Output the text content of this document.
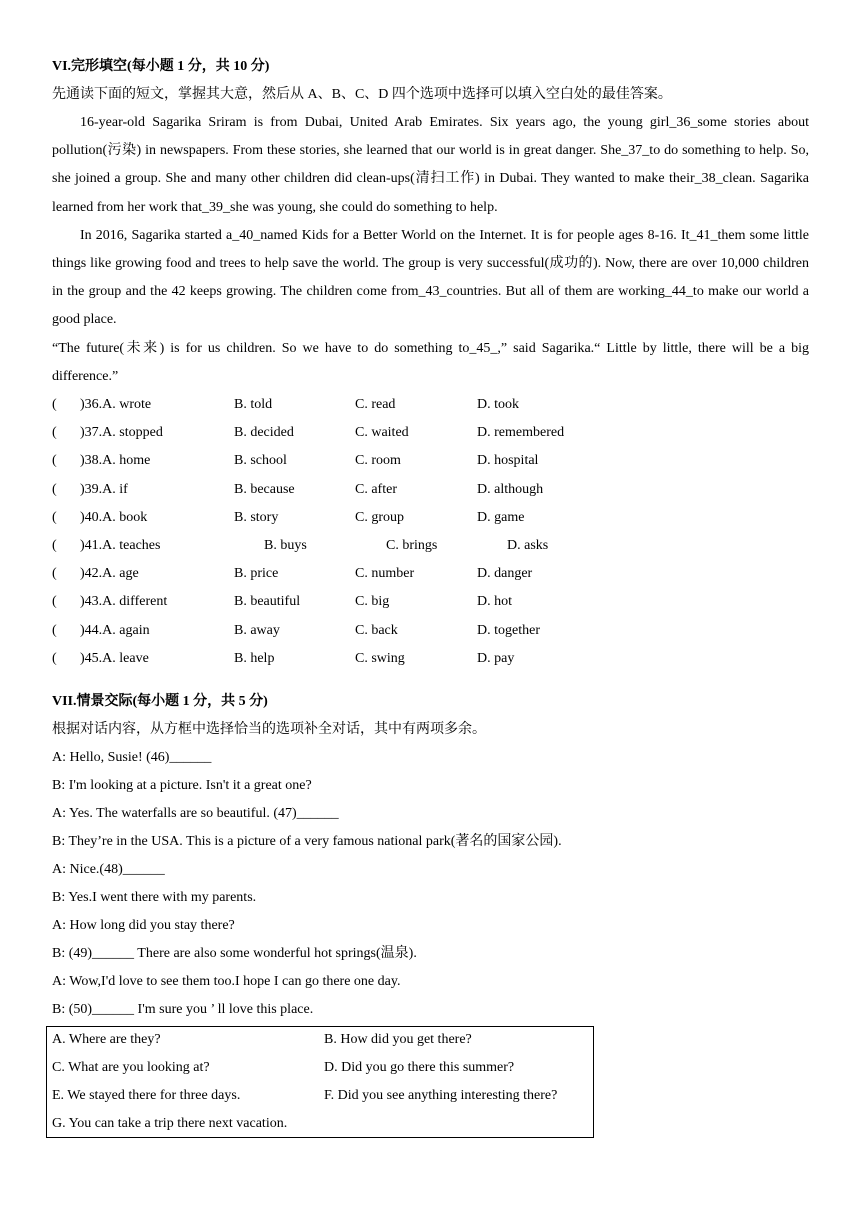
VI.完形填空(每小题 1 分，共 10 分)
先通读下面的短文，掌握其大意，然后从 A、B、C、D 四个选项中选择可以填入空白处的最佳答案。
16-year-old Sagarika Sriram is from Dubai, United Arab Emirates. Six years ago, the young girl_36_some stories about pollution(污染) in newspapers. From these stories, she learned that our world is in great danger. She_37_to do something to help. So, she joined a group. She and many other children did clean-ups(清扫工作) in Dubai. They wanted to make their_38_clean. Sagarika learned from her work that_39_she was young, she could do something to help.
In 2016, Sagarika started a_40_named Kids for a Better World on the Internet. It is for people ages 8-16. It_41_them some little things like growing food and trees to help save the world. The group is very successful(成功的). Now, there are over 10,000 children in the group and the 42 keeps growing. The children come from_43_countries. But all of them are working_44_to make our world a good place.
“The future(未来) is for us children. So we have to do something to_45_,” said Sagarika.“ Little by little, there will be a big difference.”
( )36.A. wrote	B. told	C. read	D. took
( )37.A. stopped	B. decided	C. waited	D. remembered
( )38.A. home	B. school	C. room	D. hospital
( )39.A. if	B. because	C. after	D. although
( )40.A. book	B. story	C. group	D. game
( )41.A. teaches	B. buys	C. brings	D. asks
( )42.A. age	B. price	C. number	D. danger
( )43.A. different	B. beautiful	C. big	D. hot
( )44.A. again	B. away	C. back	D. together
( )45.A. leave	B. help	C. swing	D. pay
VII.情景交际(每小题 1 分，共 5 分)
根据对话内容，从方框中选择恰当的选项补全对话，其中有两项多余。
A: Hello, Susie! (46)______
B: I'm looking at a picture. Isn't it a great one?
A: Yes. The waterfalls are so beautiful. (47)______
B: They’re in the USA. This is a picture of a very famous national park(著名的国家公园).
A: Nice.(48)______
B: Yes.I went there with my parents.
A: How long did you stay there?
B: (49)______ There are also some wonderful hot springs(温泉).
A: Wow,I'd love to see them too.I hope I can go there one day.
B: (50)______ I'm sure you ’ ll love this place.
A. Where are they?	B. How did you get there?
C. What are you looking at?	D. Did you go there this summer?
E. We stayed there for three days.	F. Did you see anything interesting there?
G. You can take a trip there next vacation.
